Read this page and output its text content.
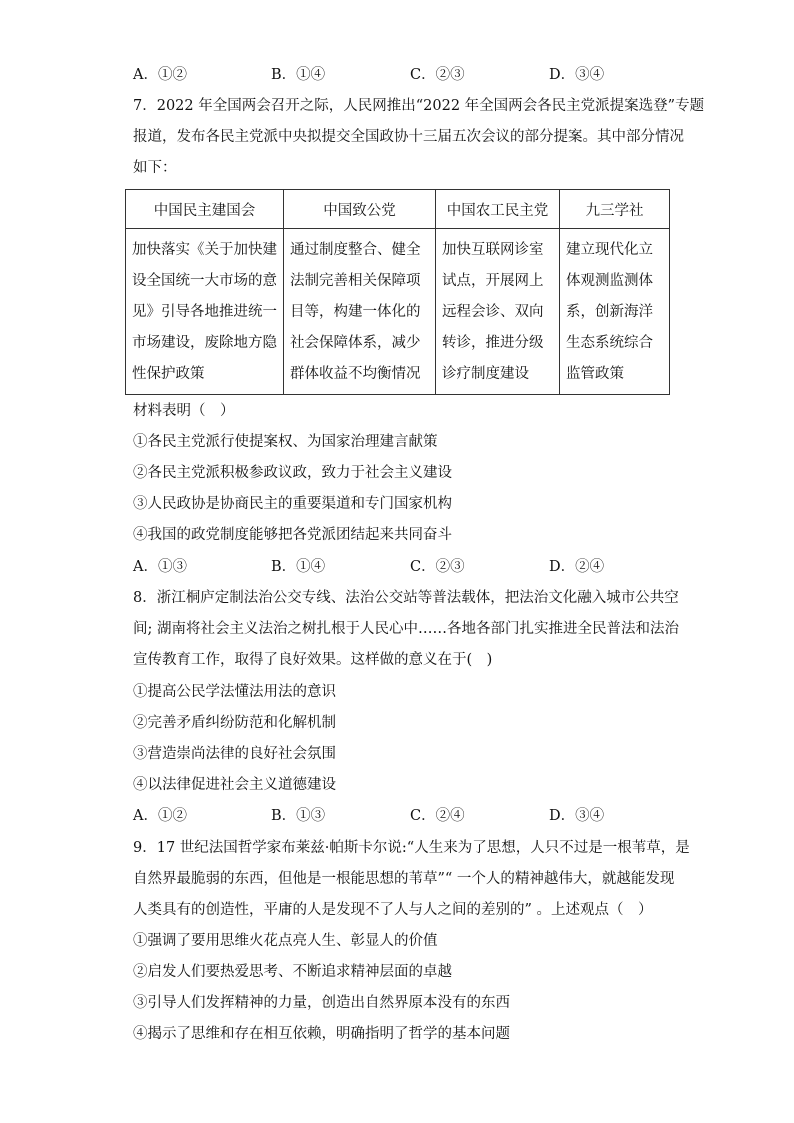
A．①②	B．①④	C．②③	D．③④
7．2022 年全国两会召开之际，人民网推出“2022 年全国两会各民主党派提案选登”专题
报道，发布各民主党派中央拟提交全国政协十三届五次会议的部分提案。其中部分情况
如下：
中国民主建国会	中国致公党	中国农工民主党	九三学社
加快落实《关于加快建设全国统一大市场的意见》引导各地推进统一市场建设，废除地方隐性保护政策	通过制度整合、健全法制完善相关保障项目等，构建一体化的社会保障体系，减少群体收益不均衡情况	加快互联网诊室试点，开展网上远程会诊、双向转诊，推进分级诊疗制度建设	建立现代化立体观测监测体系，创新海洋生态系统综合监管政策
材料表明（　）
①各民主党派行使提案权、为国家治理建言献策
②各民主党派积极参政议政，致力于社会主义建设
③人民政协是协商民主的重要渠道和专门国家机构
④我国的政党制度能够把各党派团结起来共同奋斗
A．①③	B．①④	C．②③	D．②④
8．浙江桐庐定制法治公交专线、法治公交站等普法载体，把法治文化融入城市公共空
间; 湖南将社会主义法治之树扎根于人民心中……各地各部门扎实推进全民普法和法治
宣传教育工作，取得了良好效果。这样做的意义在于(　)
①提高公民学法懂法用法的意识
②完善矛盾纠纷防范和化解机制
③营造崇尚法律的良好社会氛围
④以法律促进社会主义道德建设
A．①②	B．①③	C．②④	D．③④
9．17 世纪法国哲学家布莱兹·帕斯卡尔说:“人生来为了思想，人只不过是一根苇草，是
自然界最脆弱的东西，但他是一根能思想的苇草”“ 一个人的精神越伟大，就越能发现
人类具有的创造性，平庸的人是发现不了人与人之间的差别的” 。上述观点（　）
①强调了要用思维火花点亮人生、彰显人的价值
②启发人们要热爱思考、不断追求精神层面的卓越
③引导人们发挥精神的力量，创造出自然界原本没有的东西
④揭示了思维和存在相互依赖，明确指明了哲学的基本问题
